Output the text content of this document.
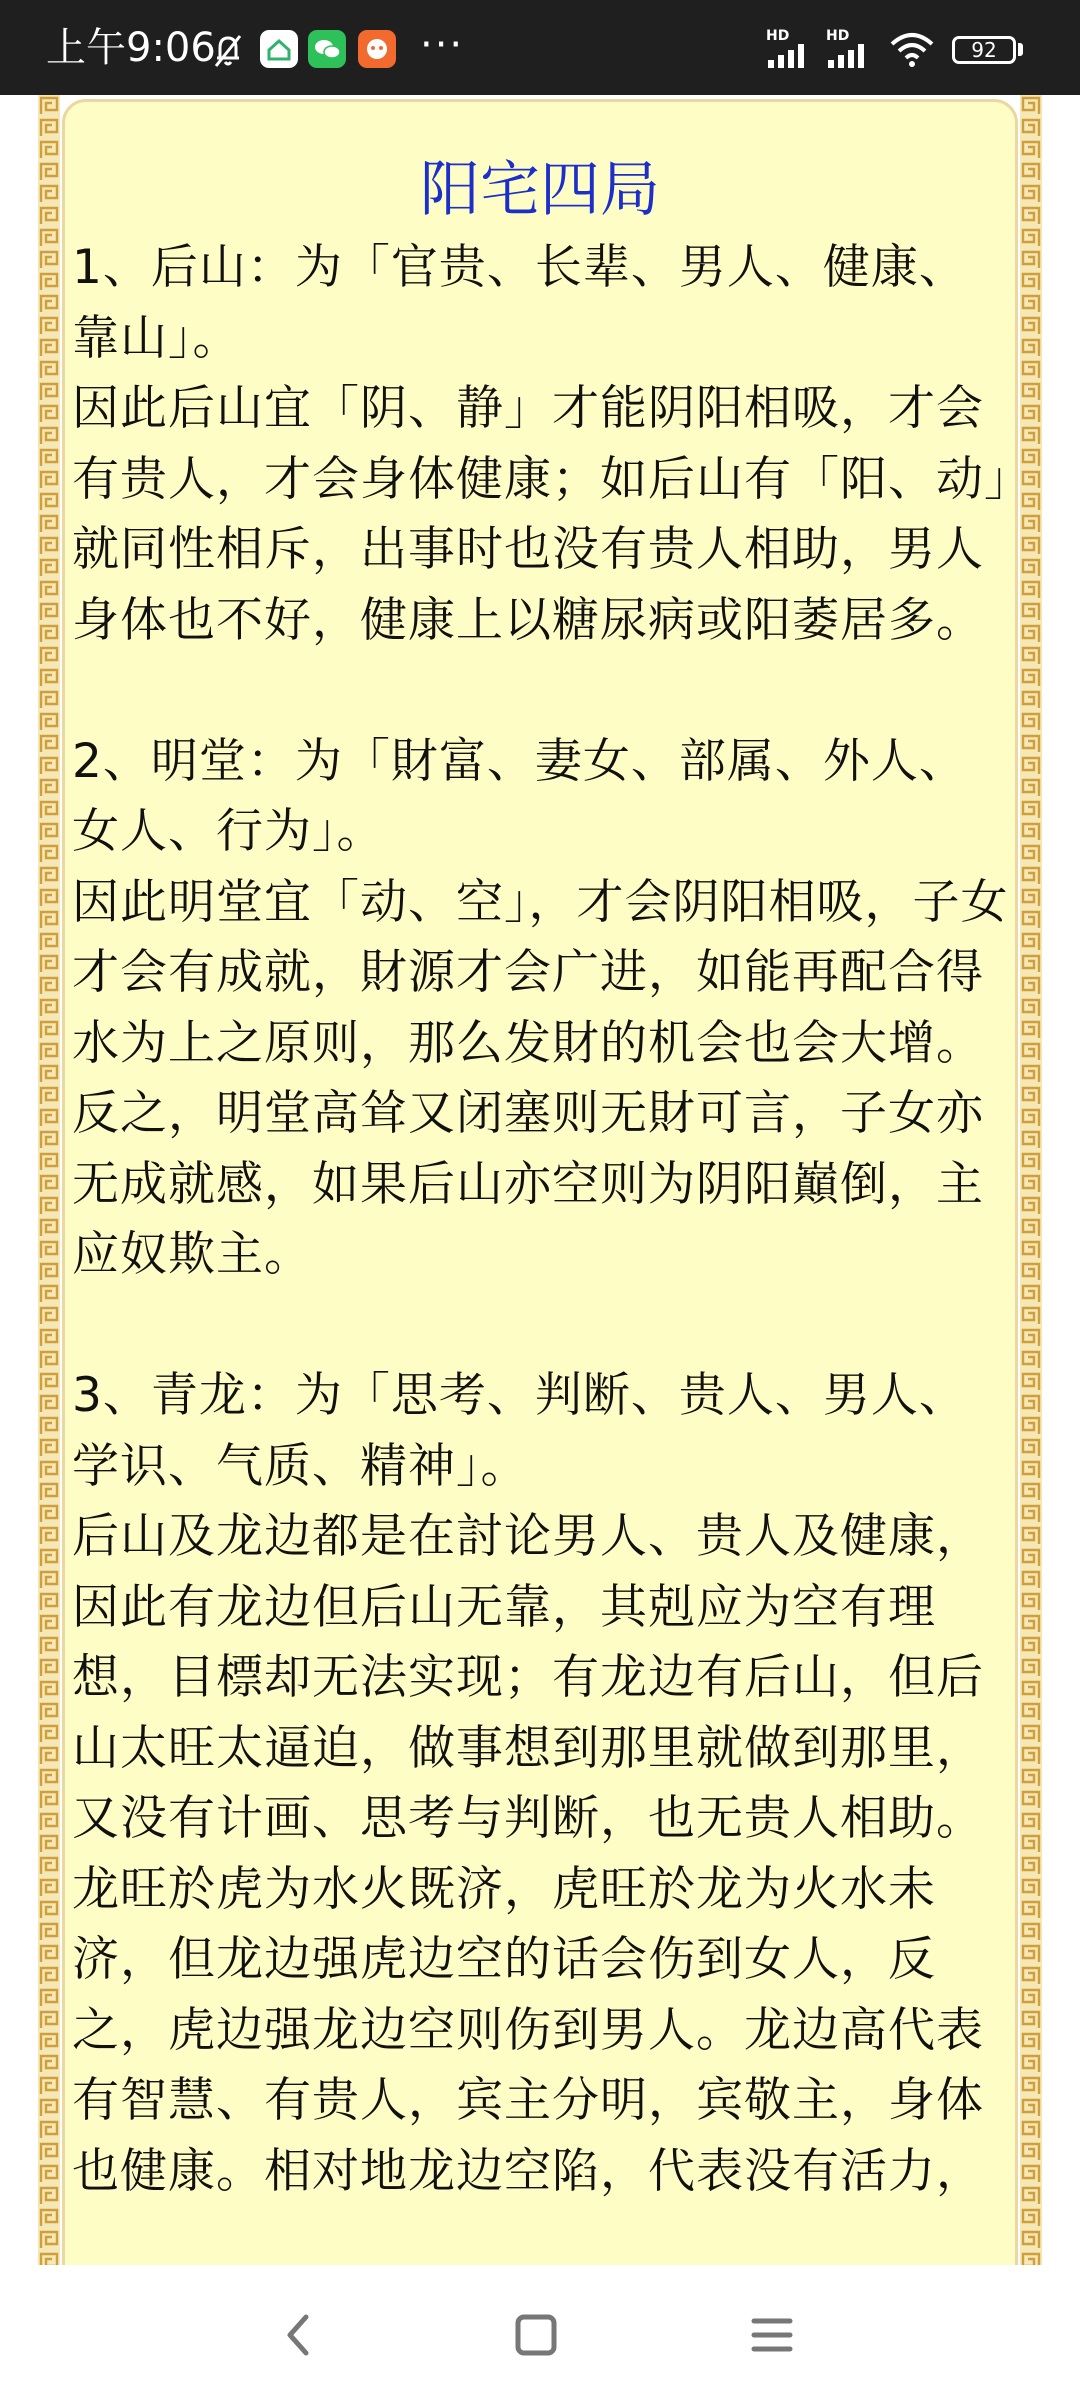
上午9:06	···	HD	HD
92
阳宅四局

1、后山：为「官贵、长辈、男人、健康、靠山」。

因此后山宜「阴、静」才能阴阳相吸，才会有贵人，才会身体健康；如后山有「阳、动」就同性相斥，出事时也没有贵人相助，男人身体也不好，健康上以糖尿病或阳萎居多。

2、明堂：为「財富、妻女、部属、外人、女人、行为」。

因此明堂宜「动、空」，才会阴阳相吸，子女才会有成就，財源才会广进，如能再配合得水为上之原则，那么发財的机会也会大增。反之，明堂高耸又闭塞则无財可言，子女亦无成就感，如果后山亦空则为阴阳巔倒，主应奴欺主。

3、青龙：为「思考、判断、贵人、男人、学识、气质、精神」。

后山及龙边都是在討论男人、贵人及健康，因此有龙边但后山无靠，其剋应为空有理想，目標却无法实现；有龙边有后山，但后山太旺太逼迫，做事想到那里就做到那里，又没有计画、思考与判断，也无贵人相助。龙旺於虎为水火既济，虎旺於龙为火水未济，但龙边强虎边空的话会伤到女人，反之，虎边强龙边空则伤到男人。龙边高代表有智慧、有贵人，宾主分明，宾敬主，身体也健康。相对地龙边空陷，代表没有活力，
